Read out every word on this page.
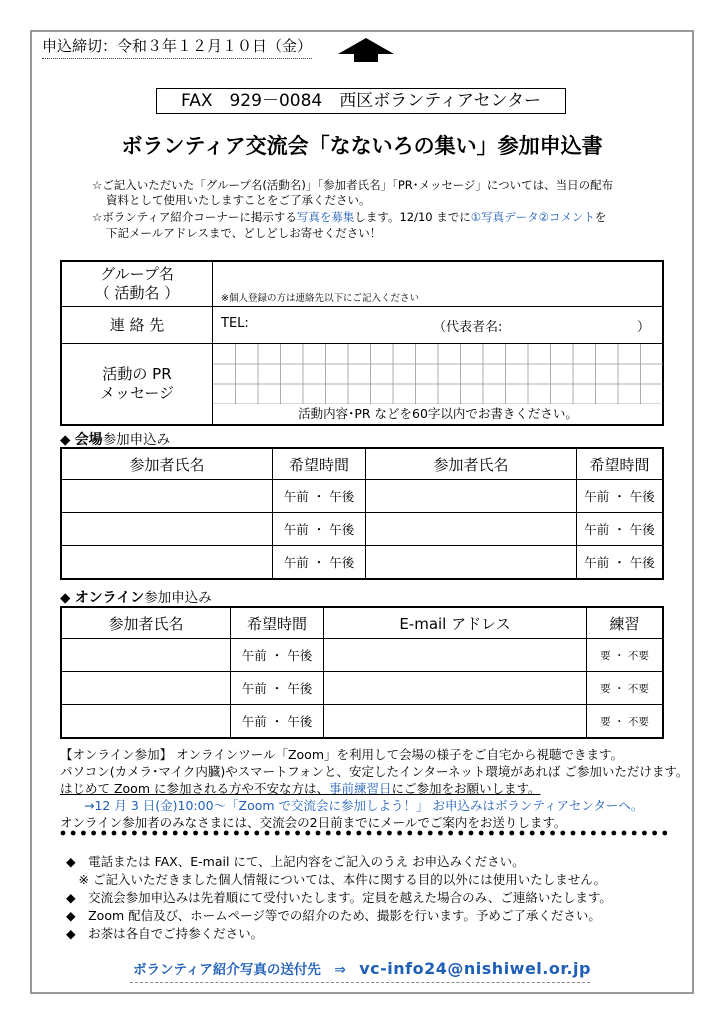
申込締切：令和３年１２月１０日（金）
FAX　929－0084　西区ボランティアセンター
ボランティア交流会「なないろの集い」参加申込書
☆ご記入いただいた「グループ名(活動名)」「参加者氏名」「PR･メッセージ」については、当日の配布
資料として使用いたしますことをご了承ください。
☆ボランティア紹介コーナーに掲示する写真を募集します。12/10 までに①写真データ②コメントを
下記メールアドレスまで、どしどしお寄せください！
グループ名
（ 活動名 ）	※個人登録の方は連絡先以下にご記入ください

連 絡 先	TEL: （代表者名: ）

活動の PR
メッセージ	活動内容･PR などを60字以内でお書きください。
◆ 会場参加申込み
参加者氏名	希望時間	参加者氏名	希望時間
	午前 ・ 午後		午前 ・ 午後
	午前 ・ 午後		午前 ・ 午後
	午前 ・ 午後		午前 ・ 午後
◆ オンライン参加申込み
参加者氏名	希望時間	E-mail アドレス	練習
	午前 ・ 午後		要 ・ 不要
	午前 ・ 午後		要 ・ 不要
	午前 ・ 午後		要 ・ 不要
【オンライン参加】 オンラインツール「Zoom」を利用して会場の様子をご自宅から視聴できます。
パソコン(カメラ･マイク内臓)やスマートフォンと、安定したインターネット環境があれば ご参加いただけます。
はじめて Zoom に参加される方や不安な方は、事前練習日にご参加をお願いします。
→12 月 3 日(金)10:00～「Zoom で交流会に参加しよう！」 お申込みはボランティアセンターへ。
オンライン参加者のみなさまには、交流会の2日前までにメールでご案内をお送りします。
◆　電話または FAX、E-mail にて、上記内容をご記入のうえ お申込みください。
　※ ご記入いただきました個人情報については、本件に関する目的以外には使用いたしません。
◆　交流会参加申込みは先着順にて受付いたします。定員を越えた場合のみ、ご連絡いたします。
◆　Zoom 配信及び、ホームページ等での紹介のため、撮影を行います。予めご了承ください。
◆　お茶は各自でご持参ください。
ボランティア紹介写真の送付先　⇒　vc-info24@nishiwel.or.jp
